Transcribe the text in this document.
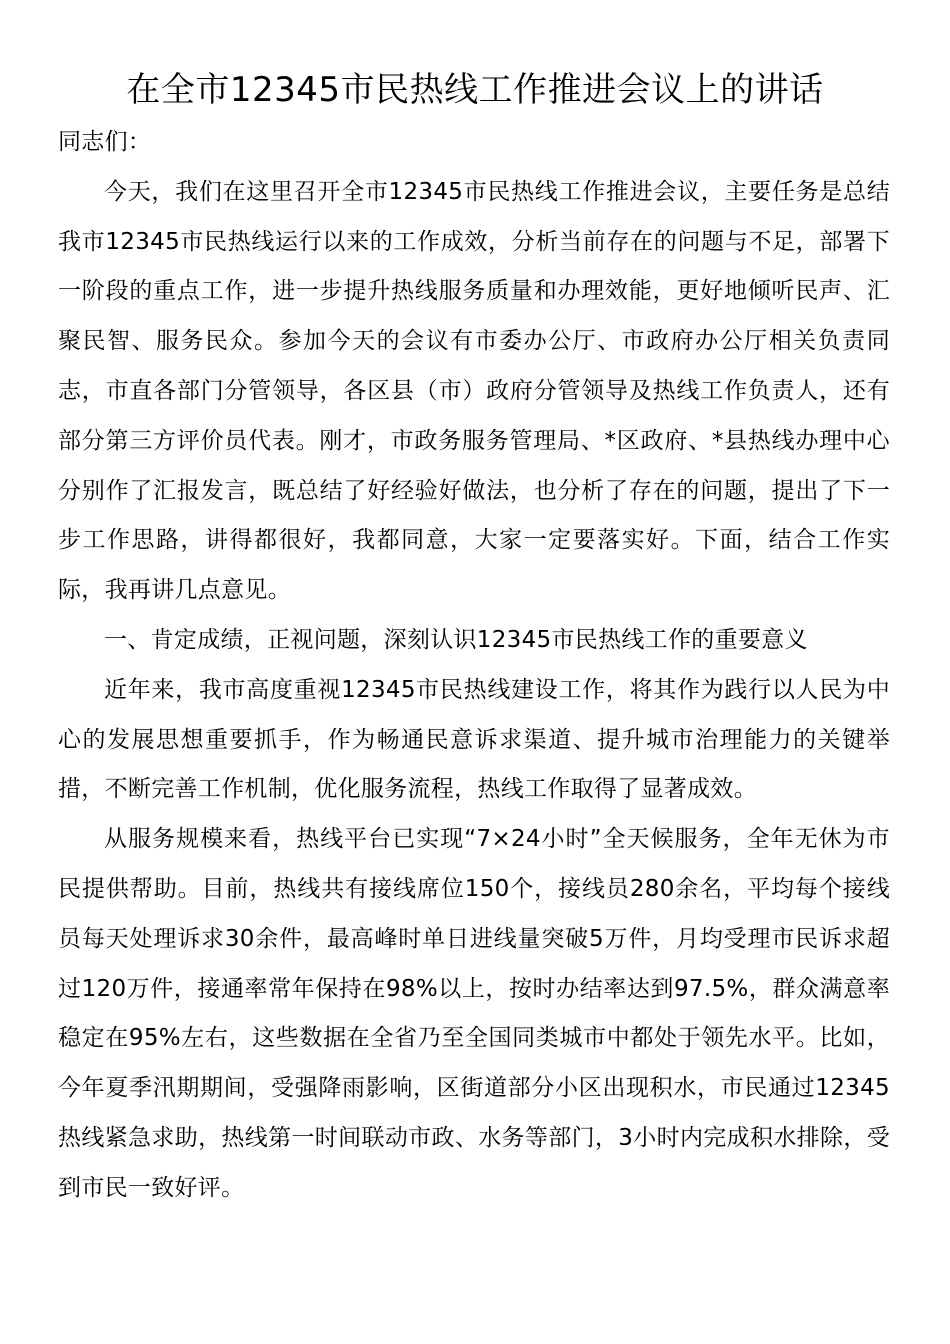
在全市12345市民热线工作推进会议上的讲话

同志们：

今天，我们在这里召开全市12345市民热线工作推进会议，主要任务是总结我市12345市民热线运行以来的工作成效，分析当前存在的问题与不足，部署下一阶段的重点工作，进一步提升热线服务质量和办理效能，更好地倾听民声、汇聚民智、服务民众。参加今天的会议有市委办公厅、市政府办公厅相关负责同志，市直各部门分管领导，各区县（市）政府分管领导及热线工作负责人，还有部分第三方评价员代表。刚才，市政务服务管理局、*区政府、*县热线办理中心分别作了汇报发言，既总结了好经验好做法，也分析了存在的问题，提出了下一步工作思路，讲得都很好，我都同意，大家一定要落实好。下面，结合工作实际，我再讲几点意见。

一、肯定成绩，正视问题，深刻认识12345市民热线工作的重要意义

近年来，我市高度重视12345市民热线建设工作，将其作为践行以人民为中心的发展思想重要抓手，作为畅通民意诉求渠道、提升城市治理能力的关键举措，不断完善工作机制，优化服务流程，热线工作取得了显著成效。

从服务规模来看，热线平台已实现“7×24小时”全天候服务，全年无休为市民提供帮助。目前，热线共有接线席位150个，接线员280余名，平均每个接线员每天处理诉求30余件，最高峰时单日进线量突破5万件，月均受理市民诉求超过120万件，接通率常年保持在98%以上，按时办结率达到97.5%，群众满意率稳定在95%左右，这些数据在全省乃至全国同类城市中都处于领先水平。比如，今年夏季汛期期间，受强降雨影响，区街道部分小区出现积水，市民通过12345热线紧急求助，热线第一时间联动市政、水务等部门，3小时内完成积水排除，受到市民一致好评。
